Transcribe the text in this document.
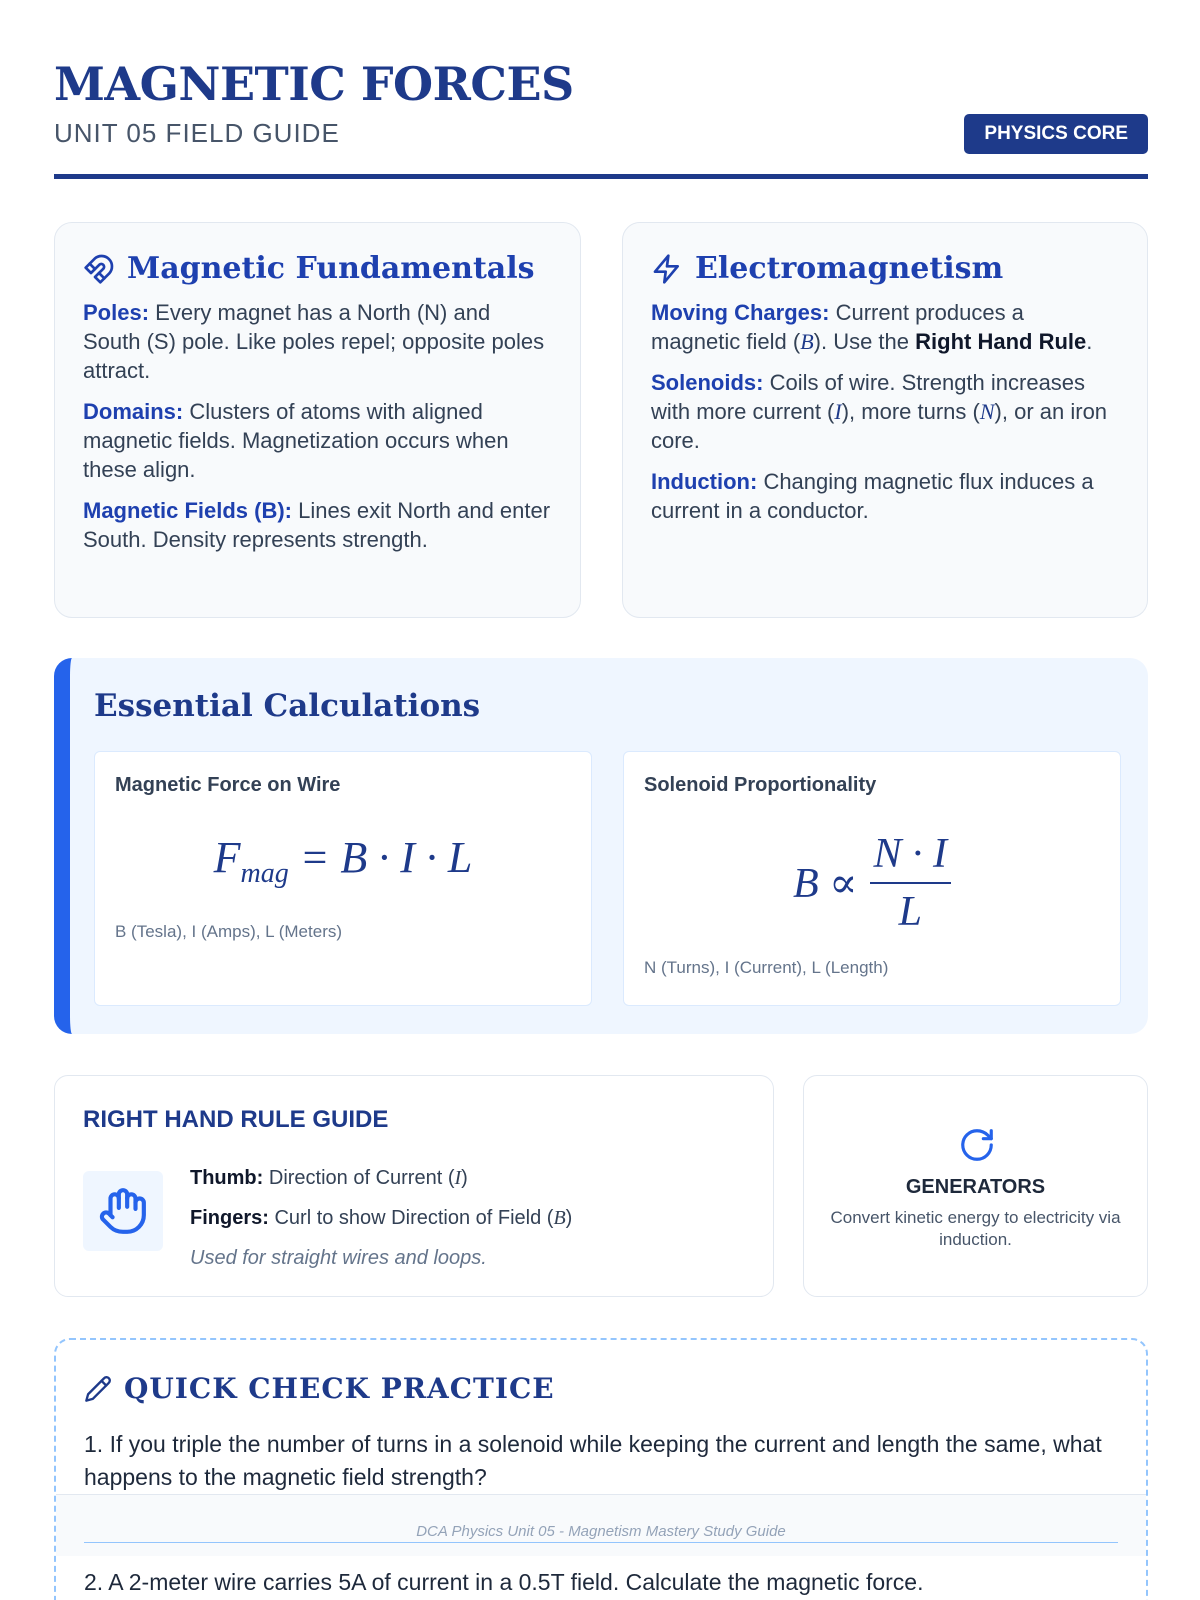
MAGNETIC FORCES
UNIT 05 FIELD GUIDE	PHYSICS CORE
Magnetic Fundamentals

Poles: Every magnet has a North (N) and South (S) pole. Like poles repel; opposite poles attract.

Domains: Clusters of atoms with aligned magnetic fields. Magnetization occurs when these align.

Magnetic Fields (B): Lines exit North and enter South. Density represents strength.

Electromagnetism

Moving Charges: Current produces a magnetic field (B). Use the Right Hand Rule.

Solenoids: Coils of wire. Strength increases with more current (I), more turns (N), or an iron core.

Induction: Changing magnetic flux induces a current in a conductor.

Essential Calculations
Magnetic Force on Wire
$F_{mag} = B \cdot I \cdot L$
B (Tesla), I (Amps), L (Meters)
Solenoid Proportionality
$B \propto \frac{N \cdot I}{L}$
N (Turns), I (Current), L (Length)
RIGHT HAND RULE GUIDE
Thumb: Direction of Current (I)
Fingers: Curl to show Direction of Field (B)
Used for straight wires and loops.
GENERATORS
Convert kinetic energy to electricity via induction.
QUICK CHECK PRACTICE
1. If you triple the number of turns in a solenoid while keeping the current and length the same, what happens to the magnetic field strength?
DCA Physics Unit 05 - Magnetism Mastery Study Guide
2. A 2-meter wire carries 5A of current in a 0.5T field. Calculate the magnetic force.
